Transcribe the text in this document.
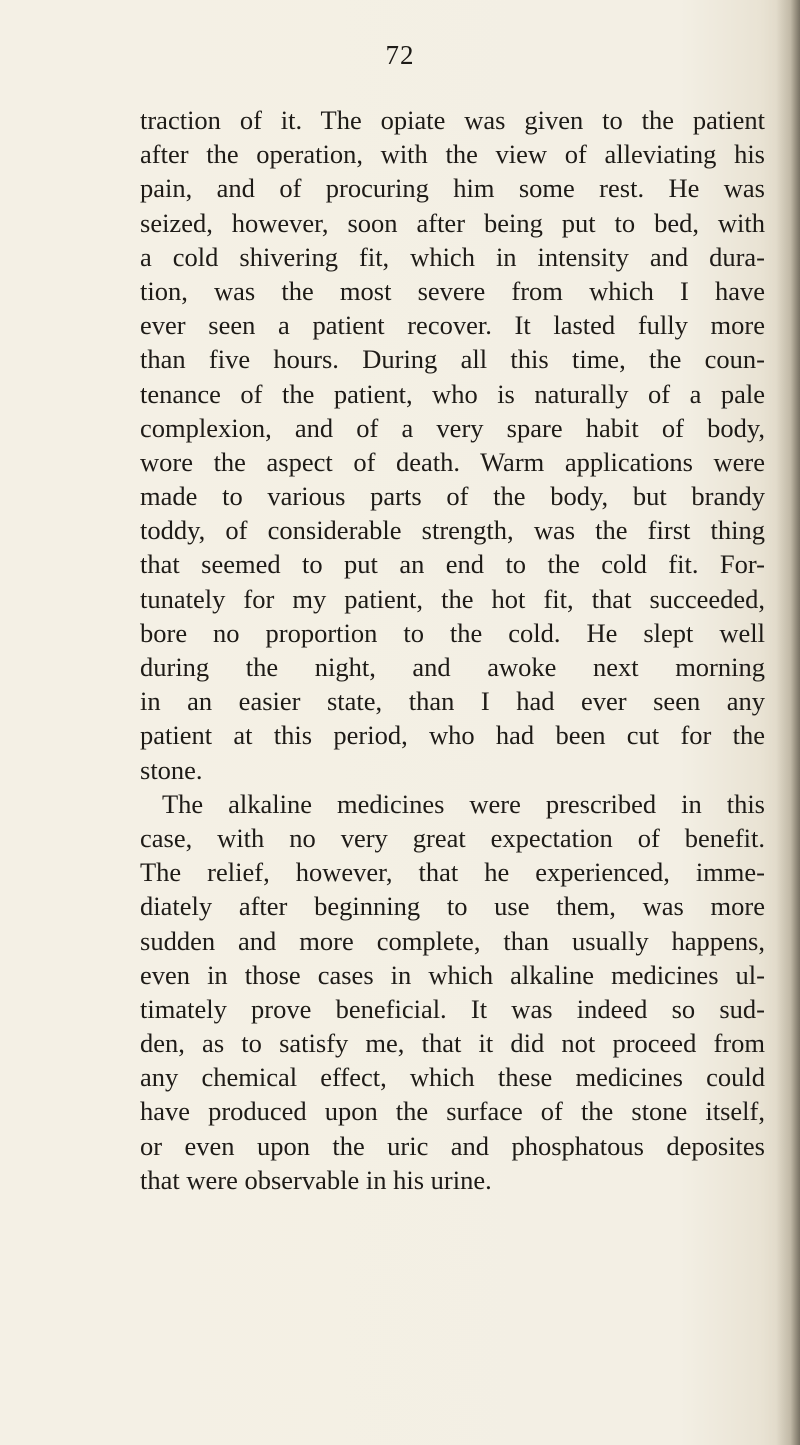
72
traction of it. The opiate was given to the patient
after the operation, with the view of alleviating his
pain, and of procuring him some rest. He was
seized, however, soon after being put to bed, with
a cold shivering fit, which in intensity and dura-
tion, was the most severe from which I have
ever seen a patient recover. It lasted fully more
than five hours. During all this time, the coun-
tenance of the patient, who is naturally of a pale
complexion, and of a very spare habit of body,
wore the aspect of death. Warm applications were
made to various parts of the body, but brandy
toddy, of considerable strength, was the first thing
that seemed to put an end to the cold fit. For-
tunately for my patient, the hot fit, that succeeded,
bore no proportion to the cold. He slept well
during the night, and awoke next morning
in an easier state, than I had ever seen any
patient at this period, who had been cut for the
stone.
The alkaline medicines were prescribed in this
case, with no very great expectation of benefit.
The relief, however, that he experienced, imme-
diately after beginning to use them, was more
sudden and more complete, than usually happens,
even in those cases in which alkaline medicines ul-
timately prove beneficial. It was indeed so sud-
den, as to satisfy me, that it did not proceed from
any chemical effect, which these medicines could
have produced upon the surface of the stone itself,
or even upon the uric and phosphatous deposites
that were observable in his urine.
